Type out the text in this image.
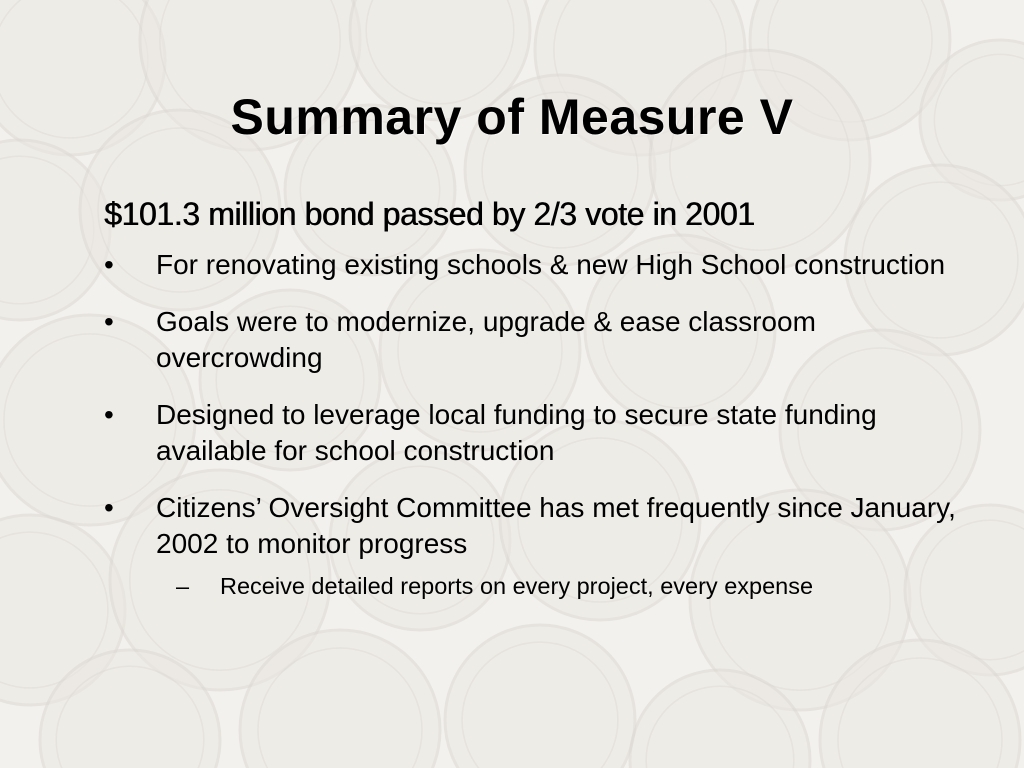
Summary of Measure V
$101.3 million bond passed by 2/3 vote in 2001
• For renovating existing schools & new High School construction
• Goals were to modernize, upgrade & ease classroom overcrowding
• Designed to leverage local funding to secure state funding available for school construction
• Citizens’ Oversight Committee has met frequently since January, 2002 to monitor progress
– Receive detailed reports on every project, every expense
